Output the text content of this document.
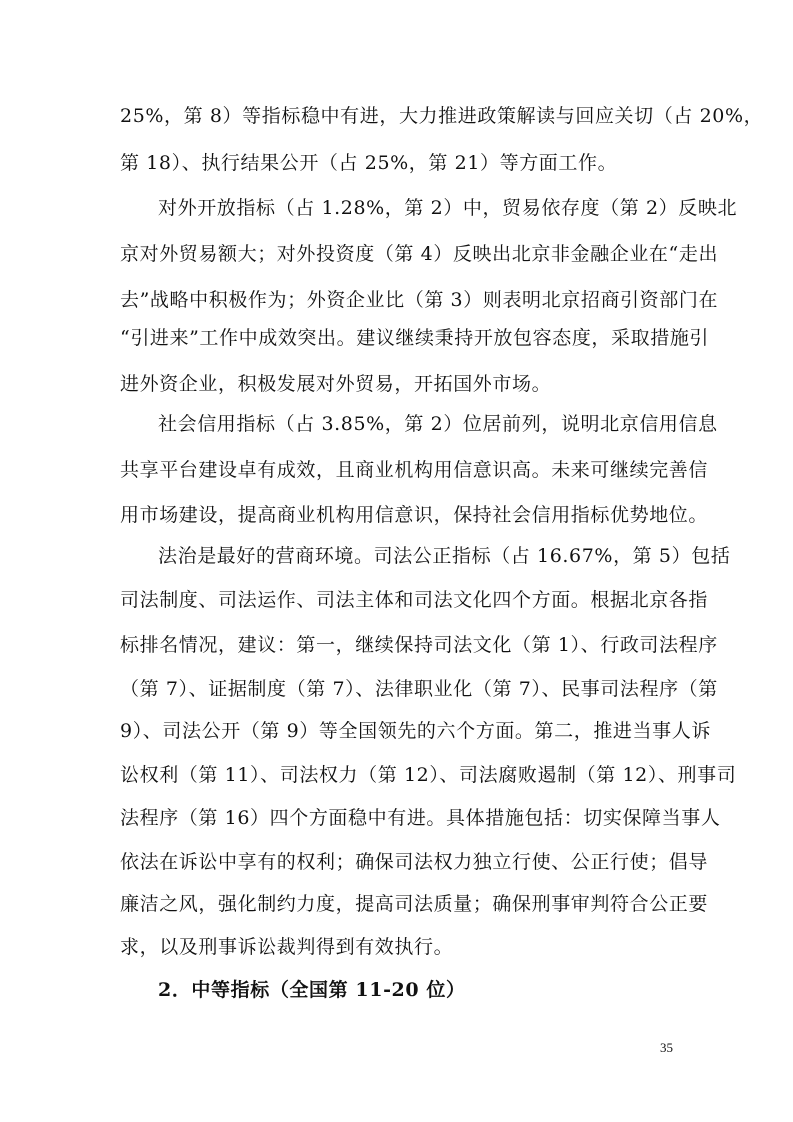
25%，第 8）等指标稳中有进，大力推进政策解读与回应关切（占 20%，
第 18）、执行结果公开（占 25%，第 21）等方面工作。
对外开放指标（占 1.28%，第 2）中，贸易依存度（第 2）反映北
京对外贸易额大；对外投资度（第 4）反映出北京非金融企业在“走出
去”战略中积极作为；外资企业比（第 3）则表明北京招商引资部门在
“引进来”工作中成效突出。建议继续秉持开放包容态度，采取措施引
进外资企业，积极发展对外贸易，开拓国外市场。
社会信用指标（占 3.85%，第 2）位居前列，说明北京信用信息
共享平台建设卓有成效，且商业机构用信意识高。未来可继续完善信
用市场建设，提高商业机构用信意识，保持社会信用指标优势地位。
法治是最好的营商环境。司法公正指标（占 16.67%，第 5）包括
司法制度、司法运作、司法主体和司法文化四个方面。根据北京各指
标排名情况，建议：第一，继续保持司法文化（第 1）、行政司法程序
（第 7）、证据制度（第 7）、法律职业化（第 7）、民事司法程序（第
9）、司法公开（第 9）等全国领先的六个方面。第二，推进当事人诉
讼权利（第 11）、司法权力（第 12）、司法腐败遏制（第 12）、刑事司
法程序（第 16）四个方面稳中有进。具体措施包括：切实保障当事人
依法在诉讼中享有的权利；确保司法权力独立行使、公正行使；倡导
廉洁之风，强化制约力度，提高司法质量；确保刑事审判符合公正要
求，以及刑事诉讼裁判得到有效执行。
2．中等指标（全国第 11-20 位）
35
